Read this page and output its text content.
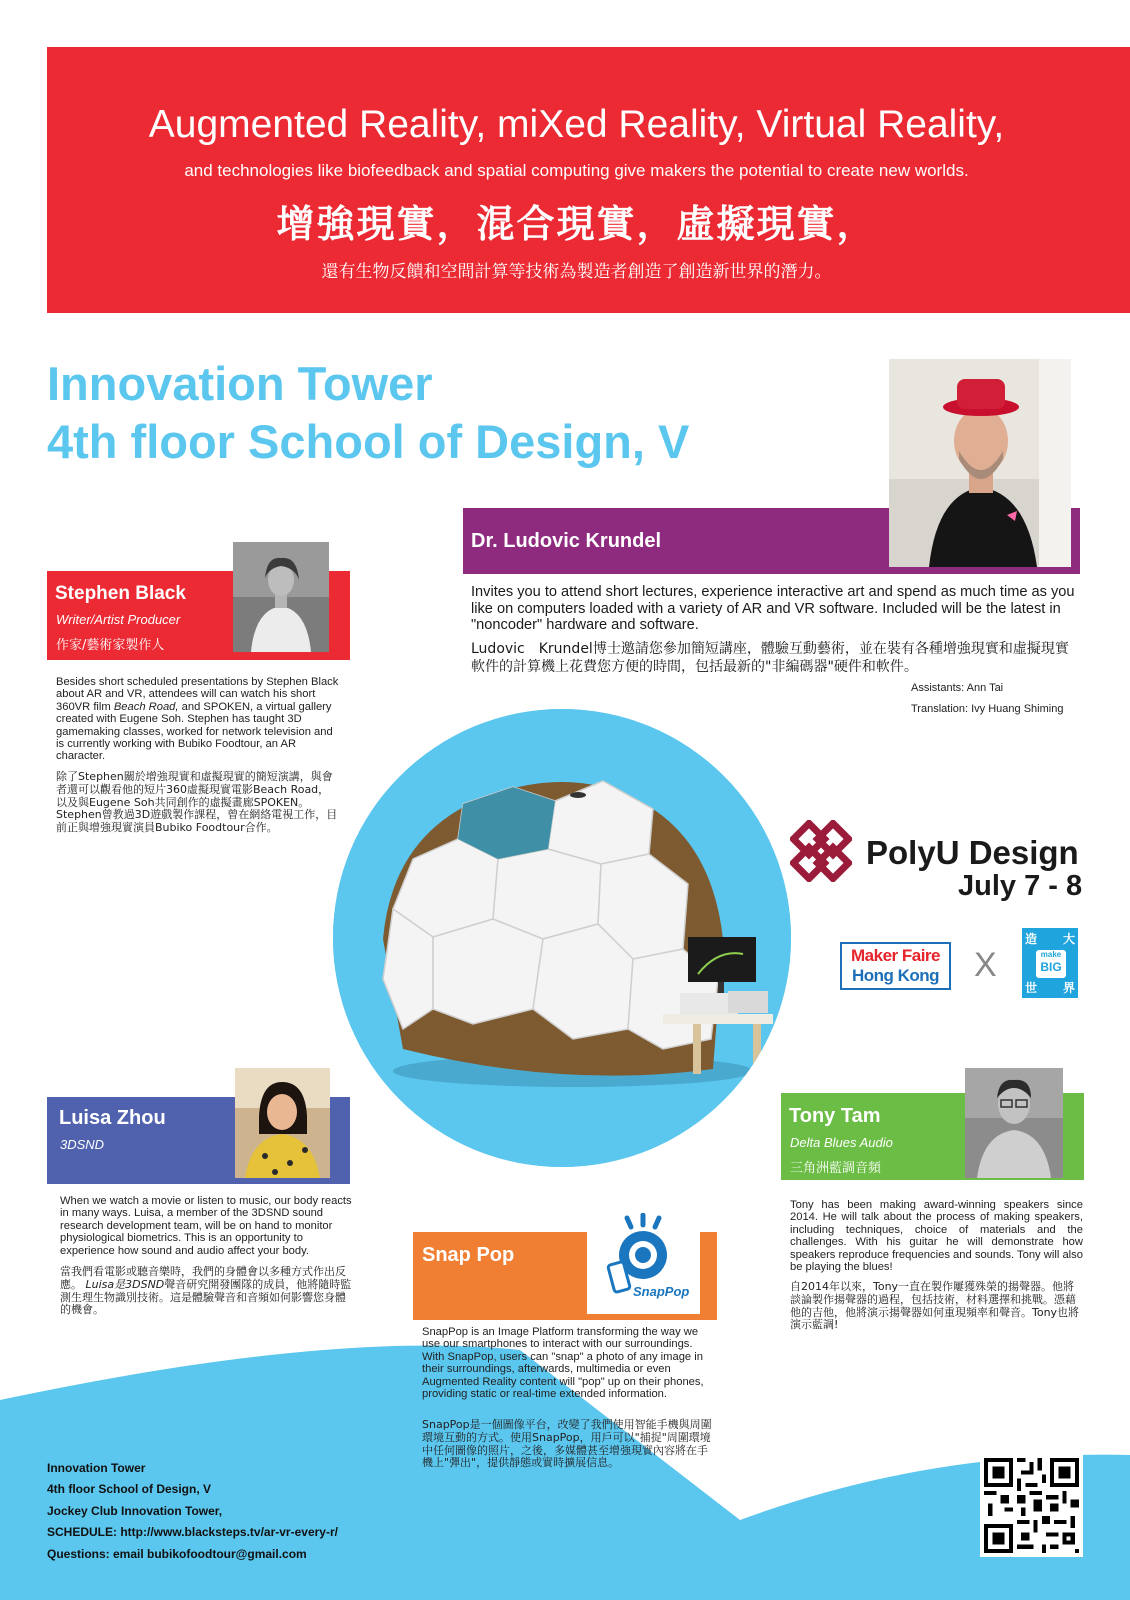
Augmented Reality, miXed Reality, Virtual Reality,
and technologies like biofeedback and spatial computing give makers the potential to create new worlds.
增強現實，混合現實，虛擬現實，
還有生物反饋和空間計算等技術為製造者創造了創造新世界的潛力。
Innovation Tower
4th floor School of Design, V
Dr. Ludovic Krundel
Invites you to attend short lectures, experience interactive art and spend as much time as you like on computers loaded with a variety of AR and VR software. Included will be the latest in "noncoder" hardware and software.
Ludovic　Krundel博士邀請您參加簡短講座，體驗互動藝術，並在裝有各種增強現實和虛擬現實軟件的計算機上花費您方便的時間，包括最新的"非編碼器"硬件和軟件。
Assistants: Ann Tai
Translation: Ivy Huang Shiming
Stephen Black
Writer/Artist Producer
作家/藝術家製作人
Besides short scheduled presentations by Stephen Black about AR and VR, attendees will can watch his short 360VR film Beach Road, and SPOKEN, a virtual gallery created with Eugene Soh. Stephen has taught 3D gamemaking classes, worked for network television and is currently working with Bubiko Foodtour, an AR character.
除了Stephen關於增強現實和虛擬現實的簡短演講，與會者還可以觀看他的短片360虛擬現實電影Beach Road，以及與Eugene Soh共同創作的虛擬畫廊SPOKEN。Stephen曾教過3D遊戲製作課程，曾在網絡電視工作，目前正與增強現實演員Bubiko Foodtour合作。
PolyU Design
July 7 - 8
Maker Faire
Hong Kong X
造 大
make
BIG
世 界
Luisa Zhou
3DSND
When we watch a movie or listen to music, our body reacts in many ways. Luisa, a member of the 3DSND sound research development team, will be on hand to monitor physiological biometrics. This is an opportunity to experience how sound and audio affect your body.
當我們看電影或聽音樂時，我們的身體會以多種方式作出反應。 Luisa是3DSND聲音研究開發團隊的成員，他將隨時監測生理生物識別技術。這是體驗聲音和音頻如何影響您身體的機會。
Tony Tam
Delta Blues Audio
三角洲藍調音頻
Tony has been making award-winning speakers since 2014. He will talk about the process of making speakers, including techniques, choice of materials and the challenges. With his guitar he will demonstrate how speakers reproduce frequencies and sounds. Tony will also be playing the blues!
自2014年以來，Tony一直在製作屢獲殊榮的揚聲器。他將談論製作揚聲器的過程，包括技術，材料選擇和挑戰。憑藉他的吉他，他將演示揚聲器如何重現頻率和聲音。Tony也將演示藍調!
Snap Pop
SnapPop
SnapPop is an Image Platform transforming the way we use our smartphones to interact with our surroundings. With SnapPop, users can "snap" a photo of any image in their surroundings, afterwards, multimedia or even Augmented Reality content will "pop" up on their phones, providing static or real-time extended information.
SnapPop是一個圖像平台，改變了我們使用智能手機與周圍環境互動的方式。使用SnapPop，用戶可以"捕捉"周圍環境中任何圖像的照片，之後，多媒體甚至增強現實內容將在手機上"彈出"，提供靜態或實時擴展信息。
Innovation Tower
4th floor School of Design, V
Jockey Club Innovation Tower,
SCHEDULE: http://www.blacksteps.tv/ar-vr-every-r/
Questions: email bubikofoodtour@gmail.com
